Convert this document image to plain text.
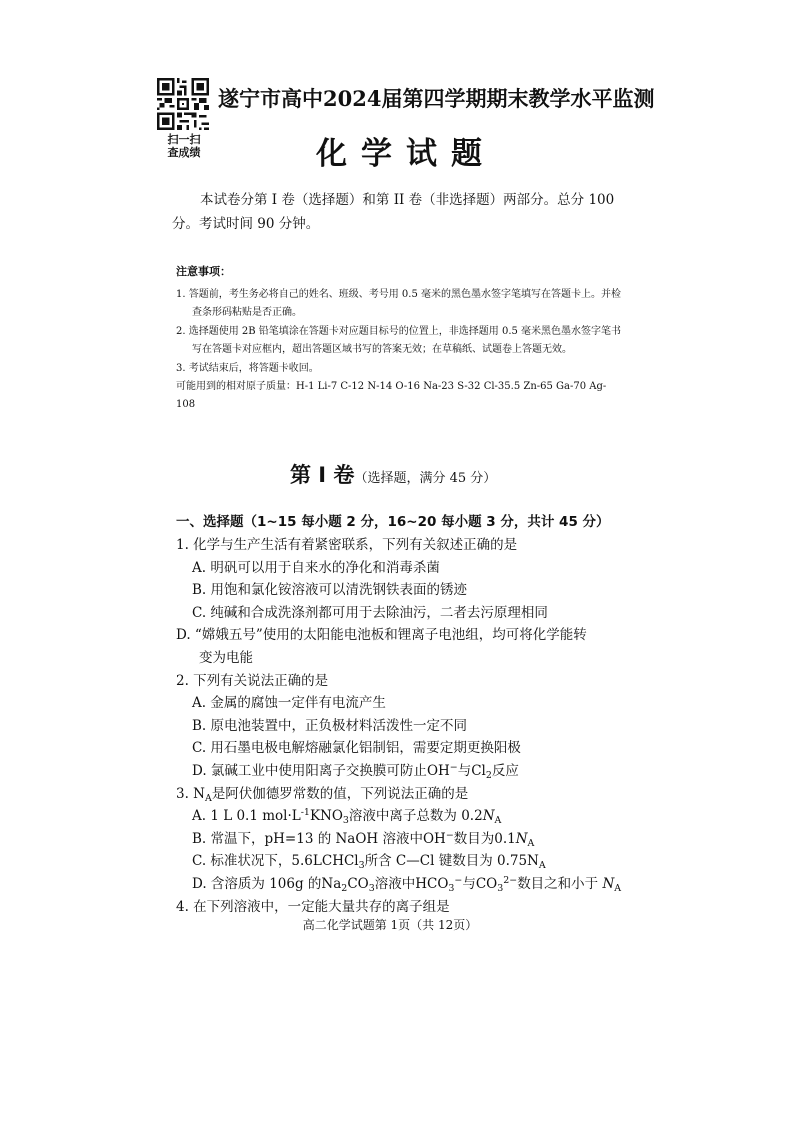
扫一扫
查成绩
遂宁市高中2024届第四学期期末教学水平监测
化学试题
本试卷分第 I 卷（选择题）和第 II 卷（非选择题）两部分。总分 100 分。考试时间 90 分钟。
注意事项：
1. 答题前，考生务必将自己的姓名、班级、考号用 0.5 毫米的黑色墨水签字笔填写在答题卡上。并检查条形码粘贴是否正确。
2. 选择题使用 2B 铅笔填涂在答题卡对应题目标号的位置上，非选择题用 0.5 毫米黑色墨水签字笔书写在答题卡对应框内，超出答题区域书写的答案无效；在草稿纸、试题卷上答题无效。
3. 考试结束后，将答题卡收回。
可能用到的相对原子质量：H-1 Li-7 C-12 N-14 O-16 Na-23 S-32 Cl-35.5 Zn-65 Ga-70 Ag-108
第 Ⅰ 卷（选择题，满分 45 分）
一、选择题（1~15 每小题 2 分，16~20 每小题 3 分，共计 45 分）
1. 化学与生产生活有着紧密联系，下列有关叙述正确的是
A. 明矾可以用于自来水的净化和消毒杀菌
B. 用饱和氯化铵溶液可以清洗钢铁表面的锈迹
C. 纯碱和合成洗涤剂都可用于去除油污，二者去污原理相同
D. “嫦娥五号”使用的太阳能电池板和锂离子电池组，均可将化学能转
变为电能
2. 下列有关说法正确的是
A. 金属的腐蚀一定伴有电流产生
B. 原电池装置中，正负极材料活泼性一定不同
C. 用石墨电极电解熔融氯化铝制铝，需要定期更换阳极
D. 氯碱工业中使用阳离子交换膜可防止OH−与$Cl_2$反应
3. $N_A$是阿伏伽德罗常数的值，下列说法正确的是
A. 1 L 0.1 $mol\cdot L^{-1}KNO_3$溶液中离子总数为 $0.2N_A$
B. 常温下，pH=13 的 NaOH 溶液中OH−数目为$0.1N_A$
C. 标准状况下，5.6LCHCl$_3$所含 C—Cl 键数目为 $0.75N_A$
D. 含溶质为 106g 的$Na_2CO_3$溶液中$HCO_3^-$与$CO_3^{2-}$数目之和小于 $N_A$
4. 在下列溶液中，一定能大量共存的离子组是
高二化学试题第 1页（共 12页）
